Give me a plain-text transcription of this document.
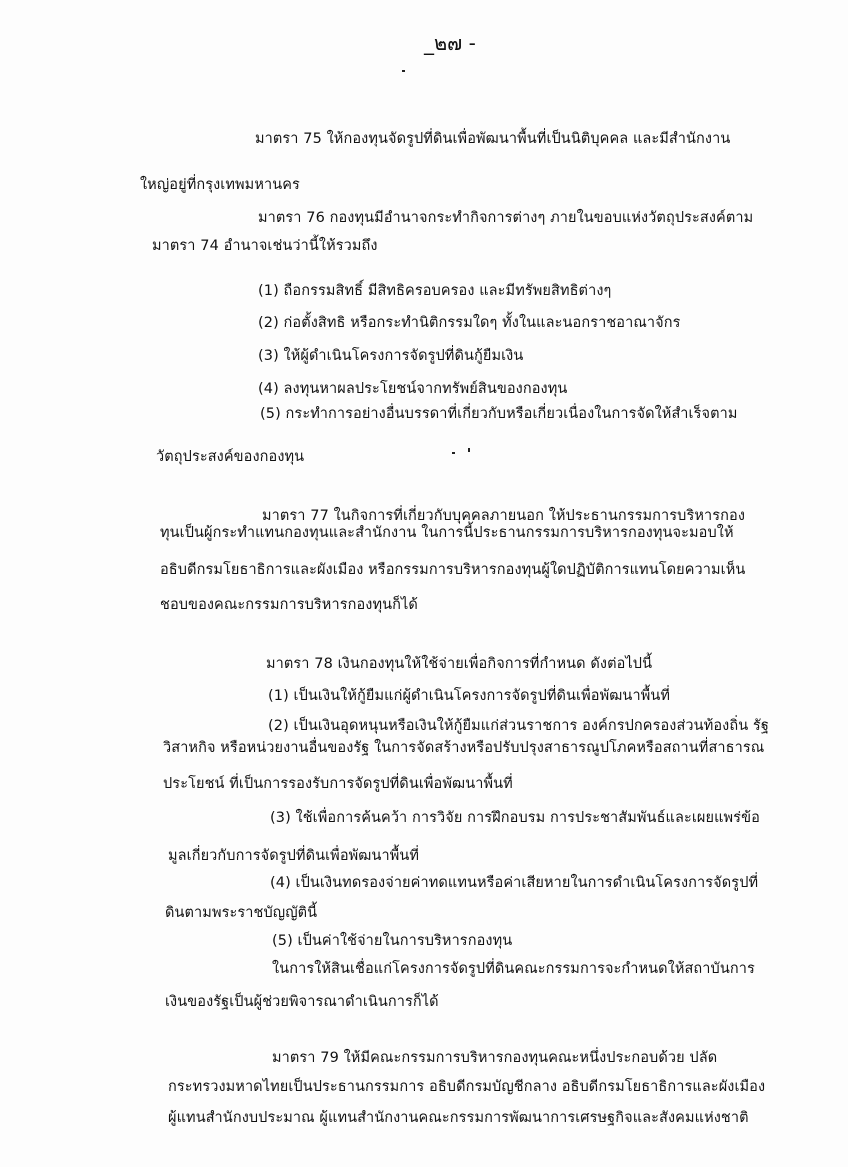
_๒๗ -
มาตรา 75 ให้กองทุนจัดรูปที่ดินเพื่อพัฒนาพื้นที่เป็นนิติบุคคล และมีสำนักงาน
ใหญ่อยู่ที่กรุงเทพมหานคร
มาตรา 76 กองทุนมีอำนาจกระทำกิจการต่างๆ ภายในขอบแห่งวัตถุประสงค์ตาม
มาตรา 74 อำนาจเช่นว่านี้ให้รวมถึง
(1) ถือกรรมสิทธิ์ มีสิทธิครอบครอง และมีทรัพยสิทธิต่างๆ
(2) ก่อตั้งสิทธิ หรือกระทำนิติกรรมใดๆ ทั้งในและนอกราชอาณาจักร
(3) ให้ผู้ดำเนินโครงการจัดรูปที่ดินกู้ยืมเงิน
(4) ลงทุนหาผลประโยชน์จากทรัพย์สินของกองทุน
(5) กระทำการอย่างอื่นบรรดาที่เกี่ยวกับหรือเกี่ยวเนื่องในการจัดให้สำเร็จตาม
วัตถุประสงค์ของกองทุน
มาตรา 77 ในกิจการที่เกี่ยวกับบุคคลภายนอก ให้ประธานกรรมการบริหารกอง
ทุนเป็นผู้กระทำแทนกองทุนและสำนักงาน ในการนี้ประธานกรรมการบริหารกองทุนจะมอบให้
อธิบดีกรมโยธาธิการและผังเมือง หรือกรรมการบริหารกองทุนผู้ใดปฏิบัติการแทนโดยความเห็น
ชอบของคณะกรรมการบริหารกองทุนก็ได้
มาตรา 78 เงินกองทุนให้ใช้จ่ายเพื่อกิจการที่กำหนด ดังต่อไปนี้
(1) เป็นเงินให้กู้ยืมแก่ผู้ดำเนินโครงการจัดรูปที่ดินเพื่อพัฒนาพื้นที่
(2) เป็นเงินอุดหนุนหรือเงินให้กู้ยืมแก่ส่วนราชการ องค์กรปกครองส่วนท้องถิ่น รัฐ
วิสาหกิจ หรือหน่วยงานอื่นของรัฐ ในการจัดสร้างหรือปรับปรุงสาธารณูปโภคหรือสถานที่สาธารณ
ประโยชน์ ที่เป็นการรองรับการจัดรูปที่ดินเพื่อพัฒนาพื้นที่
(3) ใช้เพื่อการค้นคว้า การวิจัย การฝึกอบรม การประชาสัมพันธ์และเผยแพร่ข้อ
มูลเกี่ยวกับการจัดรูปที่ดินเพื่อพัฒนาพื้นที่
(4) เป็นเงินทดรองจ่ายค่าทดแทนหรือค่าเสียหายในการดำเนินโครงการจัดรูปที่
ดินตามพระราชบัญญัตินี้
(5) เป็นค่าใช้จ่ายในการบริหารกองทุน
ในการให้สินเชื่อแก่โครงการจัดรูปที่ดินคณะกรรมการจะกำหนดให้สถาบันการ
เงินของรัฐเป็นผู้ช่วยพิจารณาดำเนินการก็ได้
มาตรา 79 ให้มีคณะกรรมการบริหารกองทุนคณะหนึ่งประกอบด้วย ปลัด
กระทรวงมหาดไทยเป็นประธานกรรมการ อธิบดีกรมบัญชีกลาง อธิบดีกรมโยธาธิการและผังเมือง
ผู้แทนสำนักงบประมาณ ผู้แทนสำนักงานคณะกรรมการพัฒนาการเศรษฐกิจและสังคมแห่งชาติ
